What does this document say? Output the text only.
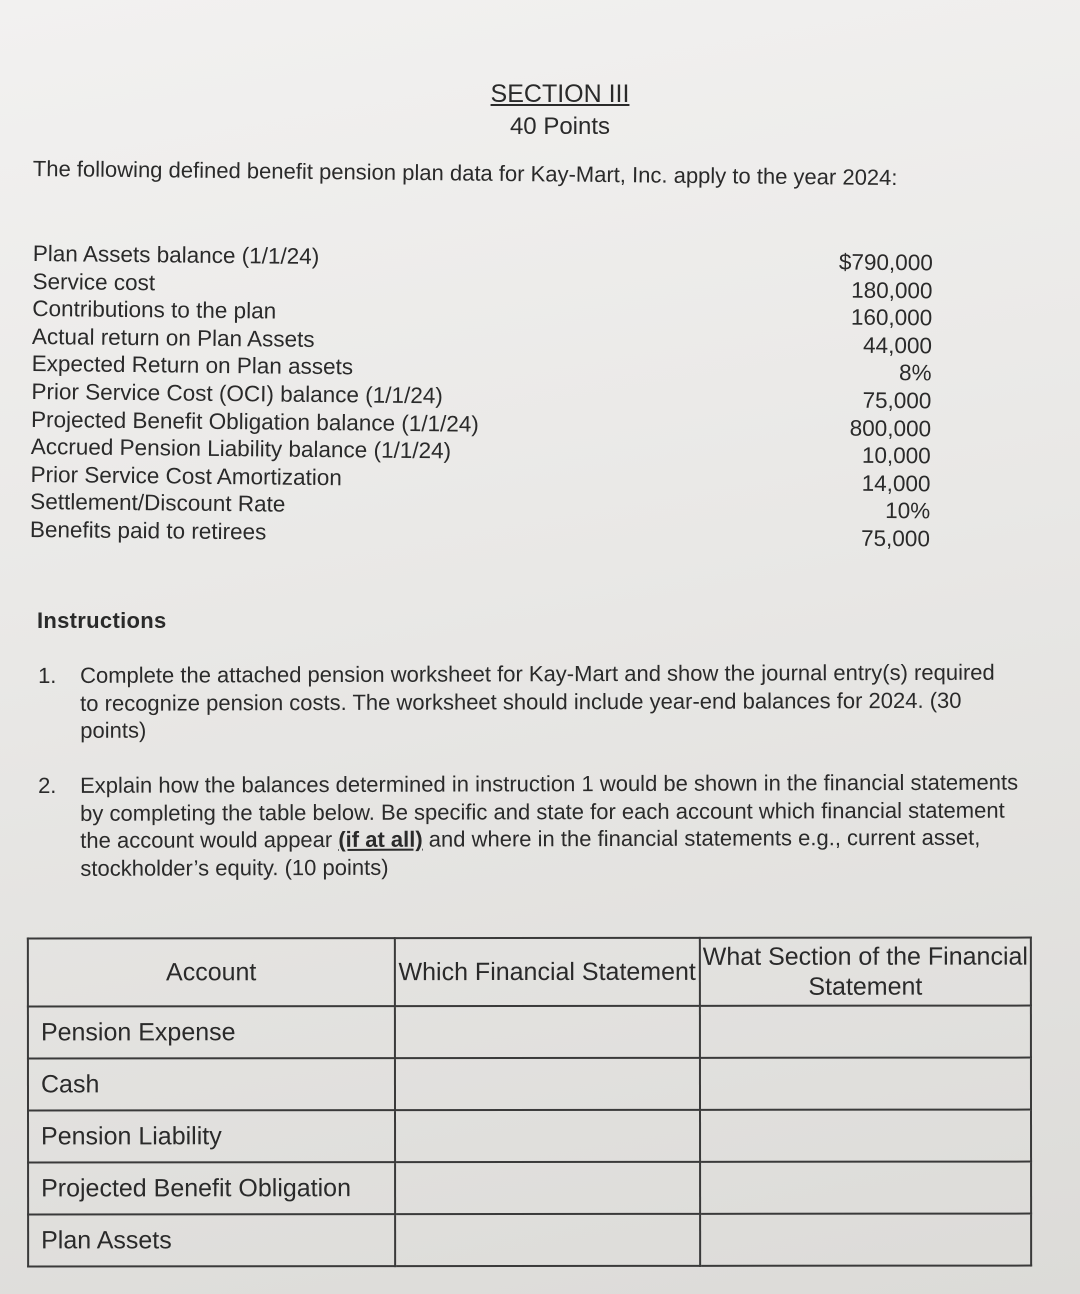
SECTION III
40 Points
The following defined benefit pension plan data for Kay-Mart, Inc. apply to the year 2024:
Plan Assets balance (1/1/24)	$790,000
Service cost	180,000
Contributions to the plan	160,000
Actual return on Plan Assets	44,000
Expected Return on Plan assets	8%
Prior Service Cost (OCI) balance (1/1/24)	75,000
Projected Benefit Obligation balance (1/1/24)	800,000
Accrued Pension Liability balance (1/1/24)	10,000
Prior Service Cost Amortization	14,000
Settlement/Discount Rate	10%
Benefits paid to retirees	75,000
Instructions
1.	Complete the attached pension worksheet for Kay-Mart and show the journal entry(s) required to recognize pension costs. The worksheet should include year-end balances for 2024. (30 points)
2.	Explain how the balances determined in instruction 1 would be shown in the financial statements by completing the table below. Be specific and state for each account which financial statement the account would appear (if at all) and where in the financial statements e.g., current asset, stockholder’s equity. (10 points)
Account	Which Financial Statement	What Section of the Financial Statement
Pension Expense		
Cash		
Pension Liability		
Projected Benefit Obligation		
Plan Assets		
